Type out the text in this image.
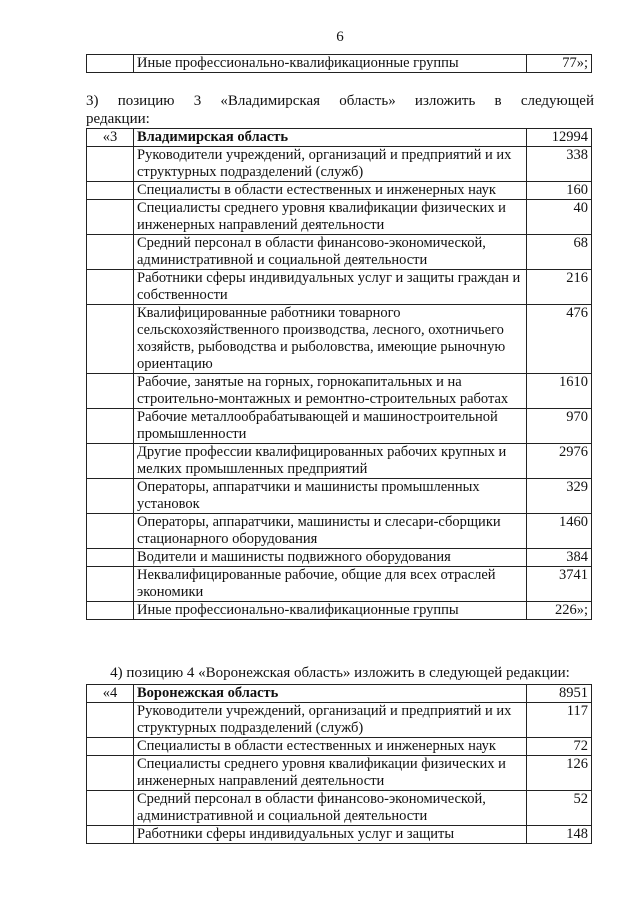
6
	Иные профессионально-квалификационные группы	77»;
3) позицию 3 «Владимирская область» изложить в следующей
редакции:
«3	Владимирская область	12994
	Руководители учреждений, организаций и предприятий и их структурных подразделений (служб)	338
	Специалисты в области естественных и инженерных наук	160
	Специалисты среднего уровня квалификации физических и инженерных направлений деятельности	40
	Средний персонал в области финансово-экономической, административной и социальной деятельности	68
	Работники сферы индивидуальных услуг и защиты граждан и собственности	216
	Квалифицированные работники товарного сельскохозяйственного производства, лесного, охотничьего хозяйств, рыбоводства и рыболовства, имеющие рыночную ориентацию	476
	Рабочие, занятые на горных, горнокапитальных и на строительно-монтажных и ремонтно-строительных работах	1610
	Рабочие металлообрабатывающей и машиностроительной промышленности	970
	Другие профессии квалифицированных рабочих крупных и мелких промышленных предприятий	2976
	Операторы, аппаратчики и машинисты промышленных установок	329
	Операторы, аппаратчики, машинисты и слесари-сборщики стационарного оборудования	1460
	Водители и машинисты подвижного оборудования	384
	Неквалифицированные рабочие, общие для всех отраслей экономики	3741
	Иные профессионально-квалификационные группы	226»;
4) позицию 4 «Воронежская область» изложить в следующей редакции:
«4	Воронежская область	8951
	Руководители учреждений, организаций и предприятий и их структурных подразделений (служб)	117
	Специалисты в области естественных и инженерных наук	72
	Специалисты среднего уровня квалификации физических и инженерных направлений деятельности	126
	Средний персонал в области финансово-экономической, административной и социальной деятельности	52
	Работники сферы индивидуальных услуг и защиты	148
